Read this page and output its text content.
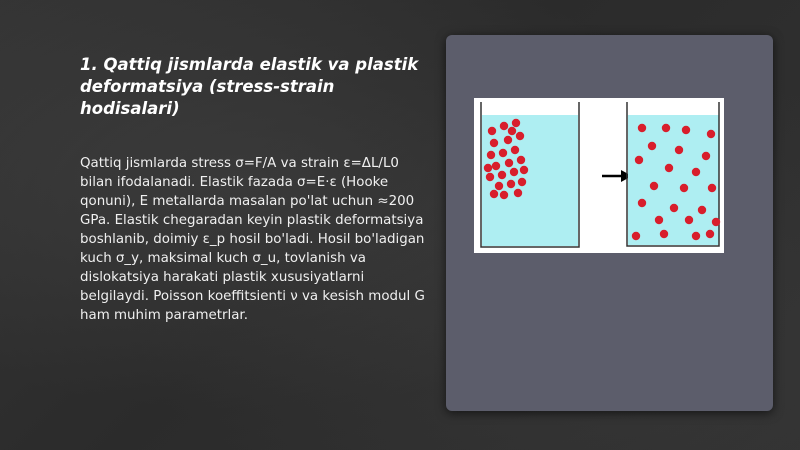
1. Qattiq jismlarda elastik va plastik deformatsiya (stress-strain hodisalari)
Qattiq jismlarda stress σ=F/A va strain ε=ΔL/L0 bilan ifodalanadi. Elastik fazada σ=E·ε (Hooke qonuni), E metallarda masalan po'lat uchun ≈200 GPa. Elastik chegaradan keyin plastik deformatsiya boshlanib, doimiy ε_p hosil bo'ladi. Hosil bo'ladigan kuch σ_y, maksimal kuch σ_u, tovlanish va dislokatsiya harakati plastik xususiyatlarni belgilaydi. Poisson koeffitsienti ν va kesish modul G ham muhim parametrlar.
